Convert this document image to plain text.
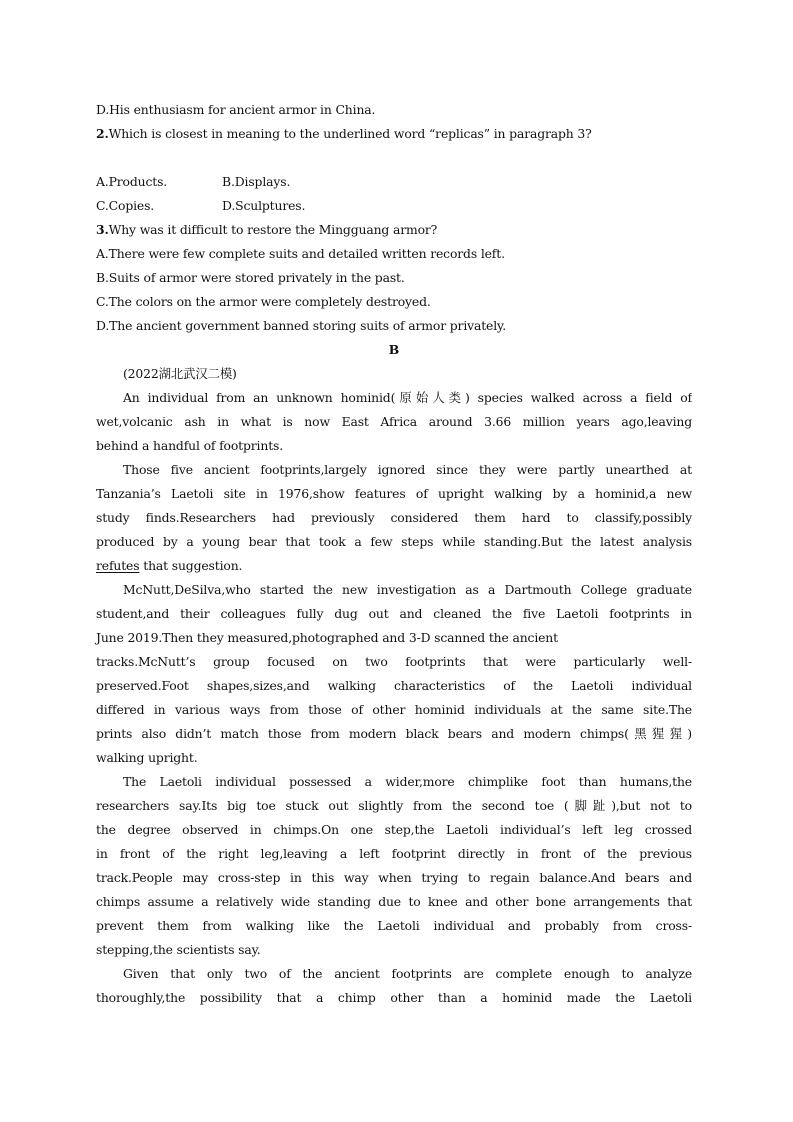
D.His enthusiasm for ancient armor in China.
2.Which is closest in meaning to the underlined word “replicas” in paragraph 3?
A.Products.	B.Displays.
C.Copies.	D.Sculptures.
3.Why was it difficult to restore the Mingguang armor?
A.There were few complete suits and detailed written records left.
B.Suits of armor were stored privately in the past.
C.The colors on the armor were completely destroyed.
D.The ancient government banned storing suits of armor privately.
B
(2022湖北武汉二模)
An individual from an unknown hominid(原始人类) species walked across a field of
wet,volcanic ash in what is now East Africa around 3.66 million years ago,leaving
behind a handful of footprints.
Those five ancient footprints,largely ignored since they were partly unearthed at
Tanzania’s Laetoli site in 1976,show features of upright walking by a hominid,a new
study finds.Researchers had previously considered them hard to classify,possibly
produced by a young bear that took a few steps while standing.But the latest analysis
refutes that suggestion.
McNutt,DeSilva,who started the new investigation as a Dartmouth College graduate
student,and their colleagues fully dug out and cleaned the five Laetoli footprints in
June 2019.Then they measured,photographed and 3-D scanned the ancient
tracks.McNutt’s group focused on two footprints that were particularly well-
preserved.Foot shapes,sizes,and walking characteristics of the Laetoli individual
differed in various ways from those of other hominid individuals at the same site.The
prints also didn’t match those from modern black bears and modern chimps(黑猩猩)
walking upright.
The Laetoli individual possessed a wider,more chimplike foot than humans,the
researchers say.Its big toe stuck out slightly from the second toe (脚趾),but not to
the degree observed in chimps.On one step,the Laetoli individual’s left leg crossed
in front of the right leg,leaving a left footprint directly in front of the previous
track.People may cross-step in this way when trying to regain balance.And bears and
chimps assume a relatively wide standing due to knee and other bone arrangements that
prevent them from walking like the Laetoli individual and probably from cross-
stepping,the scientists say.
Given that only two of the ancient footprints are complete enough to analyze
thoroughly,the possibility that a chimp other than a hominid made the Laetoli
